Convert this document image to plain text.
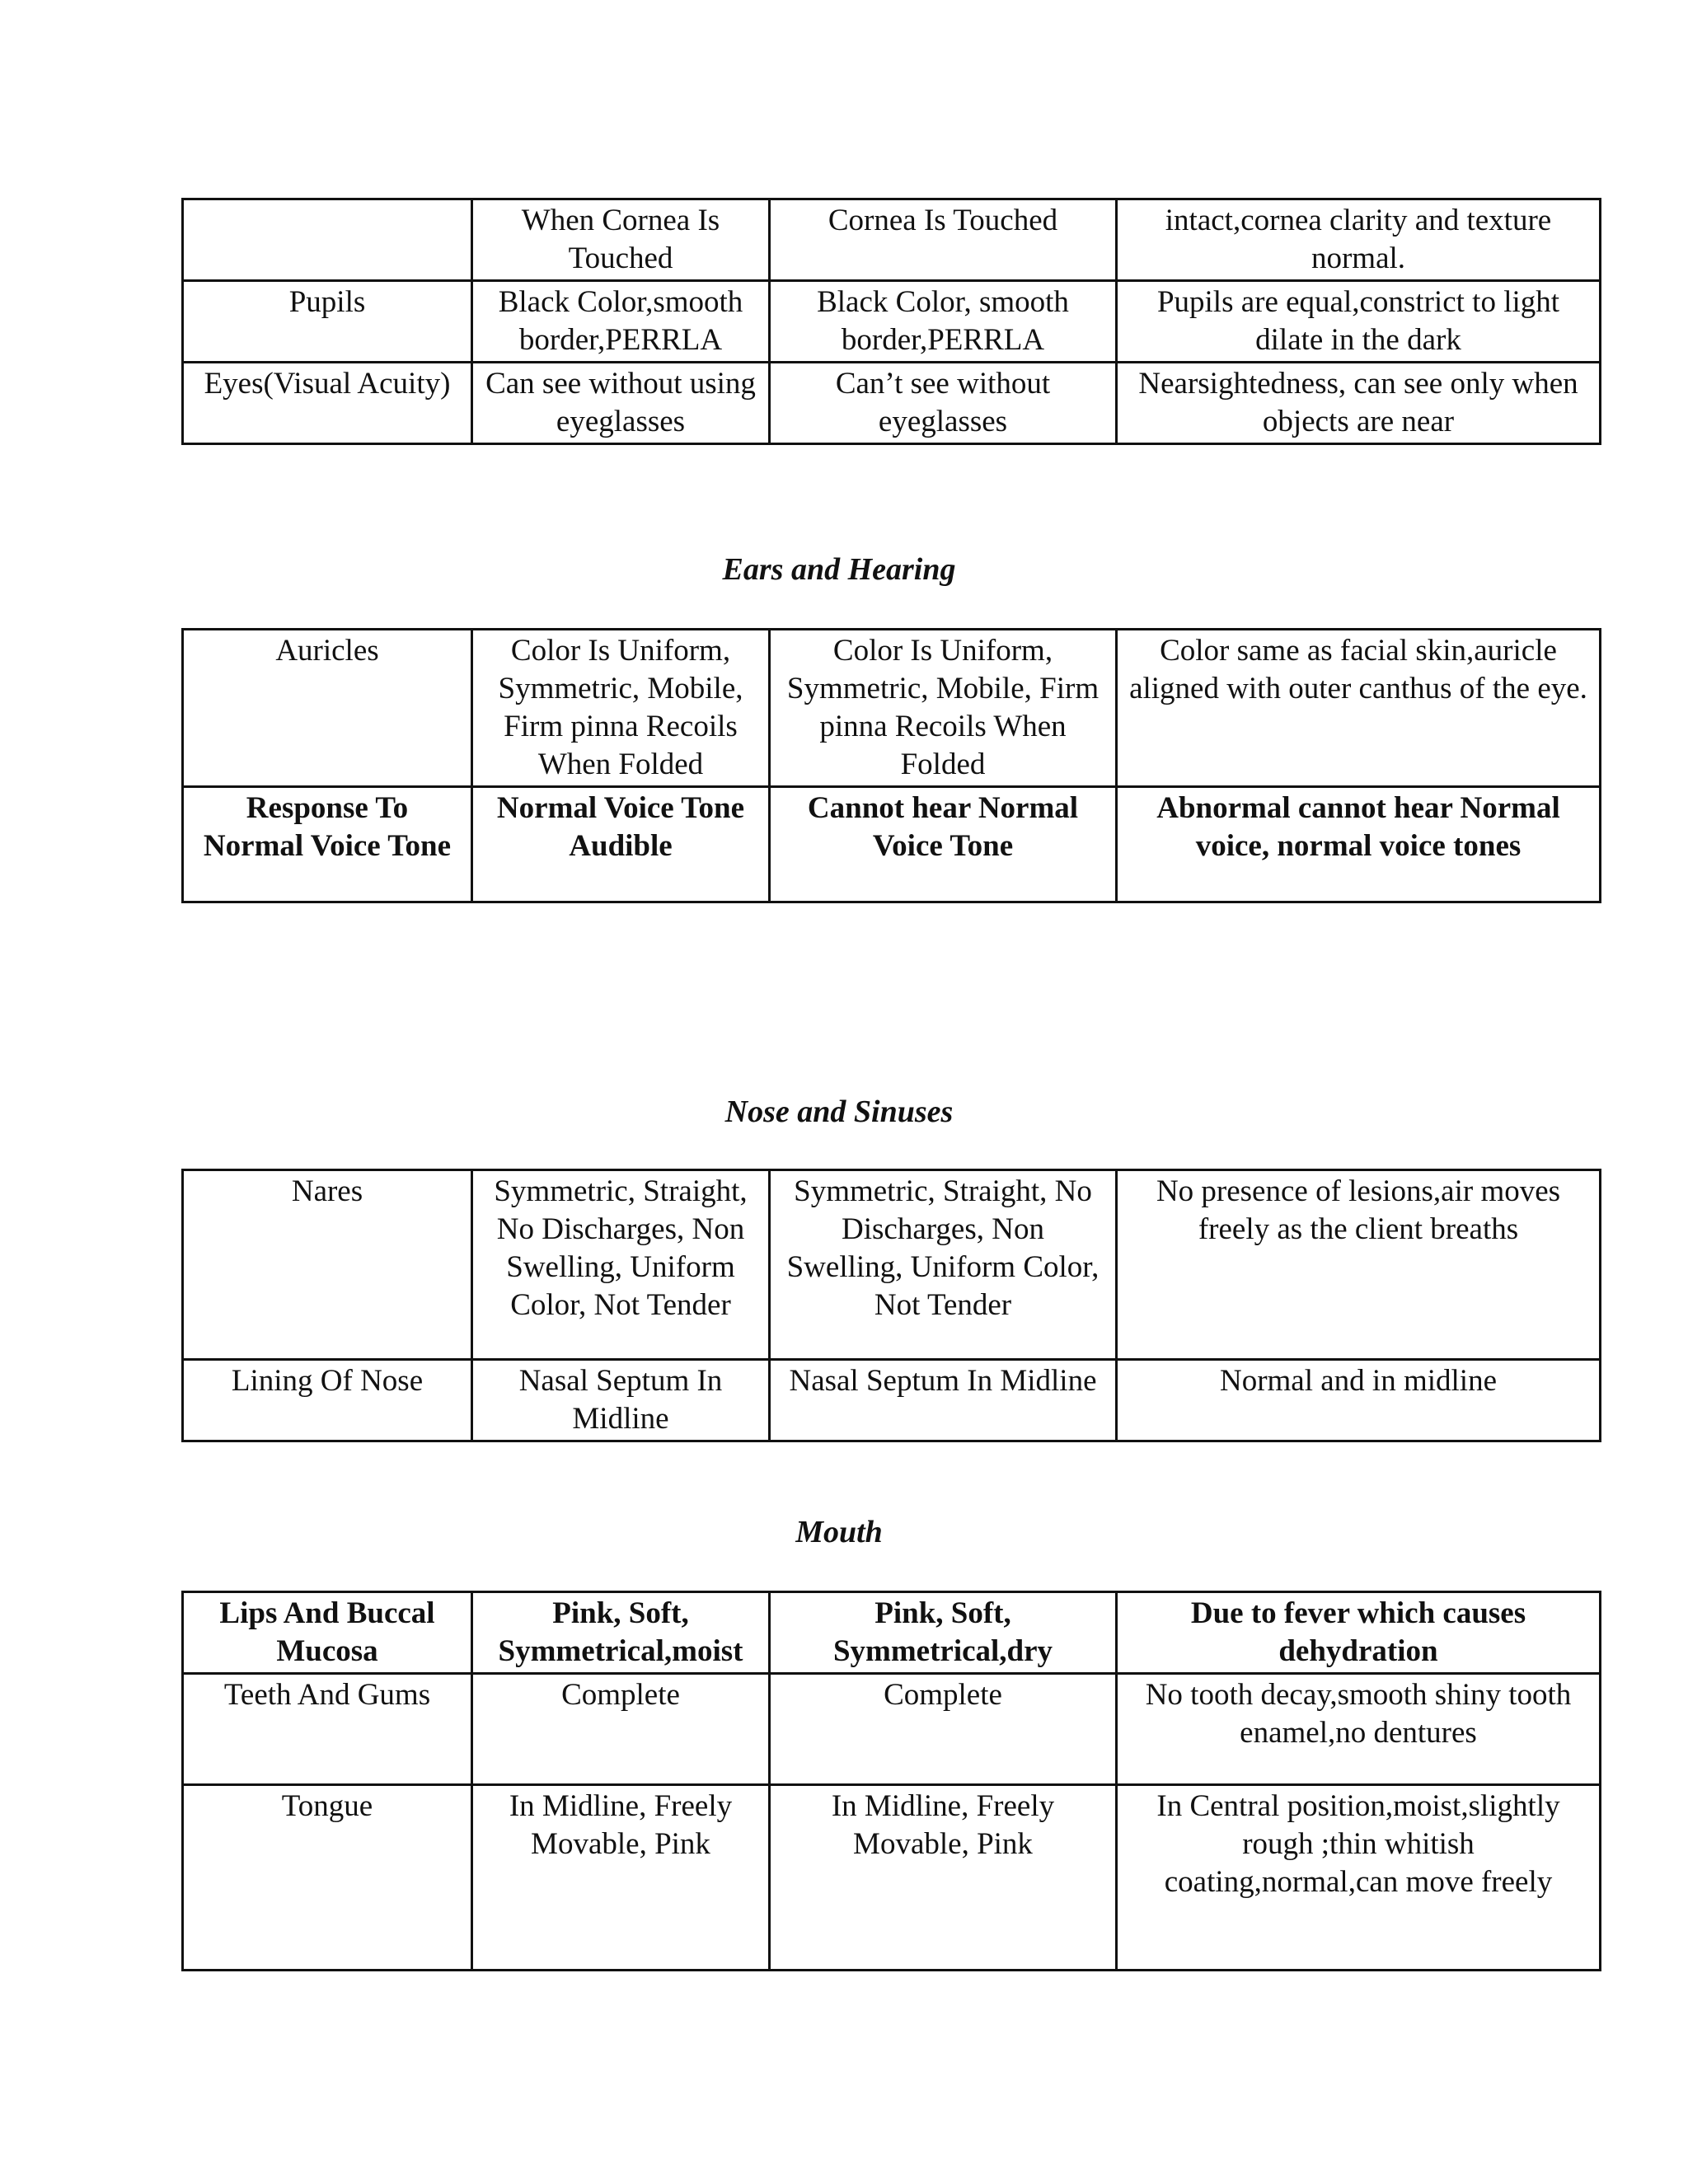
	When Cornea Is Touched	Cornea Is Touched	intact,cornea clarity and texture normal.
Pupils	Black Color,smooth border,PERRLA	Black Color, smooth border,PERRLA	Pupils are equal,constrict to light dilate in the dark
Eyes(Visual Acuity)	Can see without using eyeglasses	Can’t see without eyeglasses	Nearsightedness, can see only when objects are near
Ears and Hearing
Auricles	Color Is Uniform, Symmetric, Mobile, Firm pinna Recoils When Folded	Color Is Uniform, Symmetric, Mobile, Firm pinna Recoils When Folded	Color same as facial skin,auricle aligned with outer canthus of the eye.
Response To Normal Voice Tone	Normal Voice Tone Audible	Cannot hear Normal Voice Tone	Abnormal cannot hear Normal voice, normal voice tones
Nose and Sinuses
Nares	Symmetric, Straight, No Discharges, Non Swelling, Uniform Color, Not Tender	Symmetric, Straight, No Discharges, Non Swelling, Uniform Color, Not Tender	No presence of lesions,air moves freely as the client breaths
Lining Of Nose	Nasal Septum In Midline	Nasal Septum In Midline	Normal and in midline
Mouth
Lips And Buccal Mucosa	Pink, Soft, Symmetrical,moist	Pink, Soft, Symmetrical,dry	Due to fever which causes dehydration
Teeth And Gums	Complete	Complete	No tooth decay,smooth shiny tooth enamel,no dentures
Tongue	In Midline, Freely Movable, Pink	In Midline, Freely Movable, Pink	In Central position,moist,slightly rough ;thin whitish coating,normal,can move freely
